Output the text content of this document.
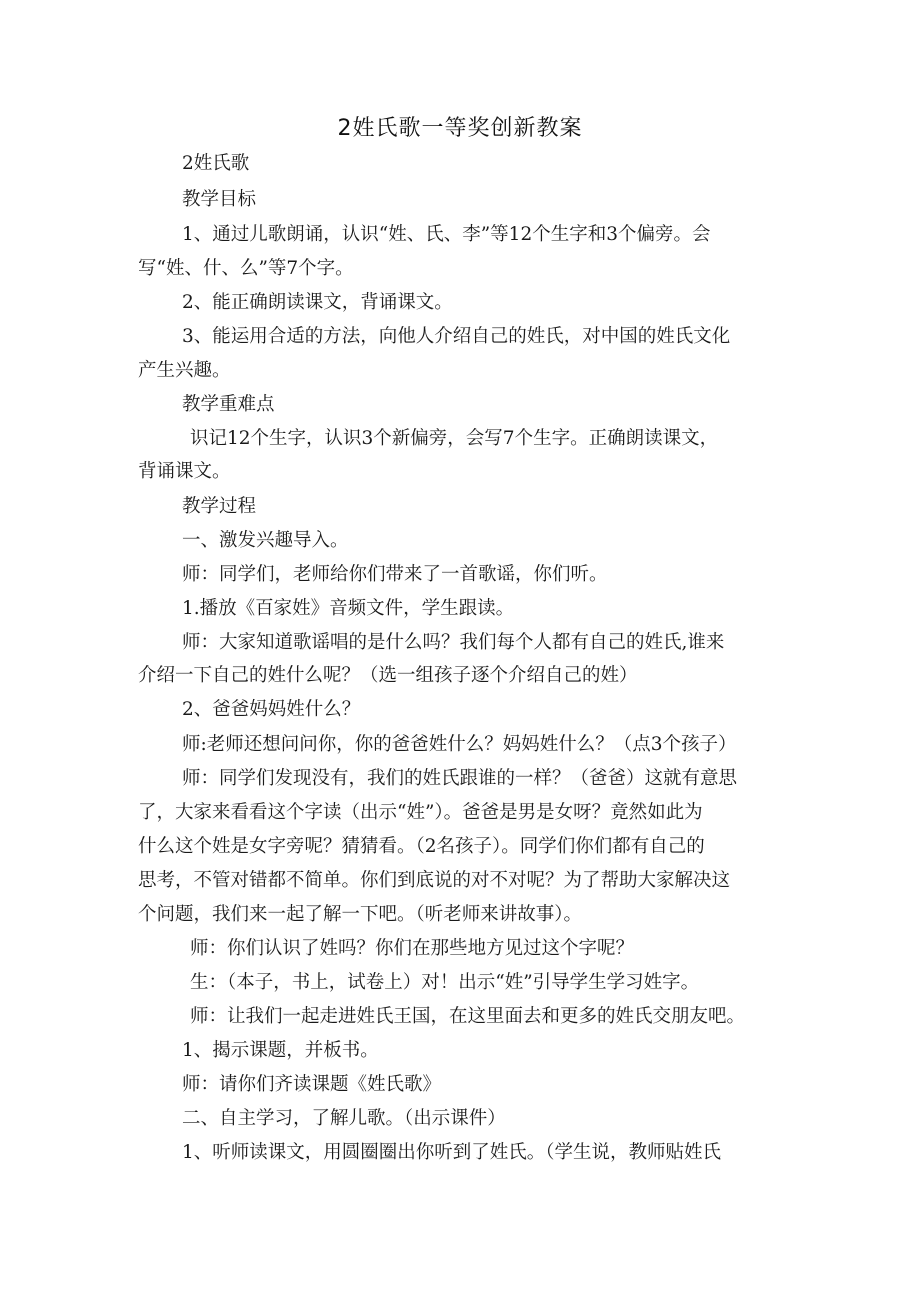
2姓氏歌一等奖创新教案
2姓氏歌
教学目标
1、通过儿歌朗诵，认识“姓、氏、李”等12个生字和3个偏旁。会
写“姓、什、么”等7个字。
2、能正确朗读课文，背诵课文。
3、能运用合适的方法，向他人介绍自己的姓氏，对中国的姓氏文化
产生兴趣。
教学重难点
识记12个生字，认识3个新偏旁，会写7个生字。正确朗读课文，
背诵课文。
教学过程
一、激发兴趣导入。
师：同学们，老师给你们带来了一首歌谣，你们听。
1.播放《百家姓》音频文件，学生跟读。
师：大家知道歌谣唱的是什么吗？我们每个人都有自己的姓氏,谁来
介绍一下自己的姓什么呢？（选一组孩子逐个介绍自己的姓）
2、爸爸妈妈姓什么？
师:老师还想问问你，你的爸爸姓什么？妈妈姓什么？（点3个孩子）
师：同学们发现没有，我们的姓氏跟谁的一样？（爸爸）这就有意思
了，大家来看看这个字读（出示“姓”）。爸爸是男是女呀？竟然如此为
什么这个姓是女字旁呢？猜猜看。（2名孩子）。同学们你们都有自己的
思考，不管对错都不简单。你们到底说的对不对呢？为了帮助大家解决这
个问题，我们来一起了解一下吧。（听老师来讲故事）。
师：你们认识了姓吗？你们在那些地方见过这个字呢？
生：（本子，书上，试卷上）对！出示“姓”引导学生学习姓字。
师：让我们一起走进姓氏王国，在这里面去和更多的姓氏交朋友吧。
1、揭示课题，并板书。
师：请你们齐读课题《姓氏歌》
二、自主学习，了解儿歌。（出示课件）
1、听师读课文，用圆圈圈出你听到了姓氏。（学生说，教师贴姓氏
